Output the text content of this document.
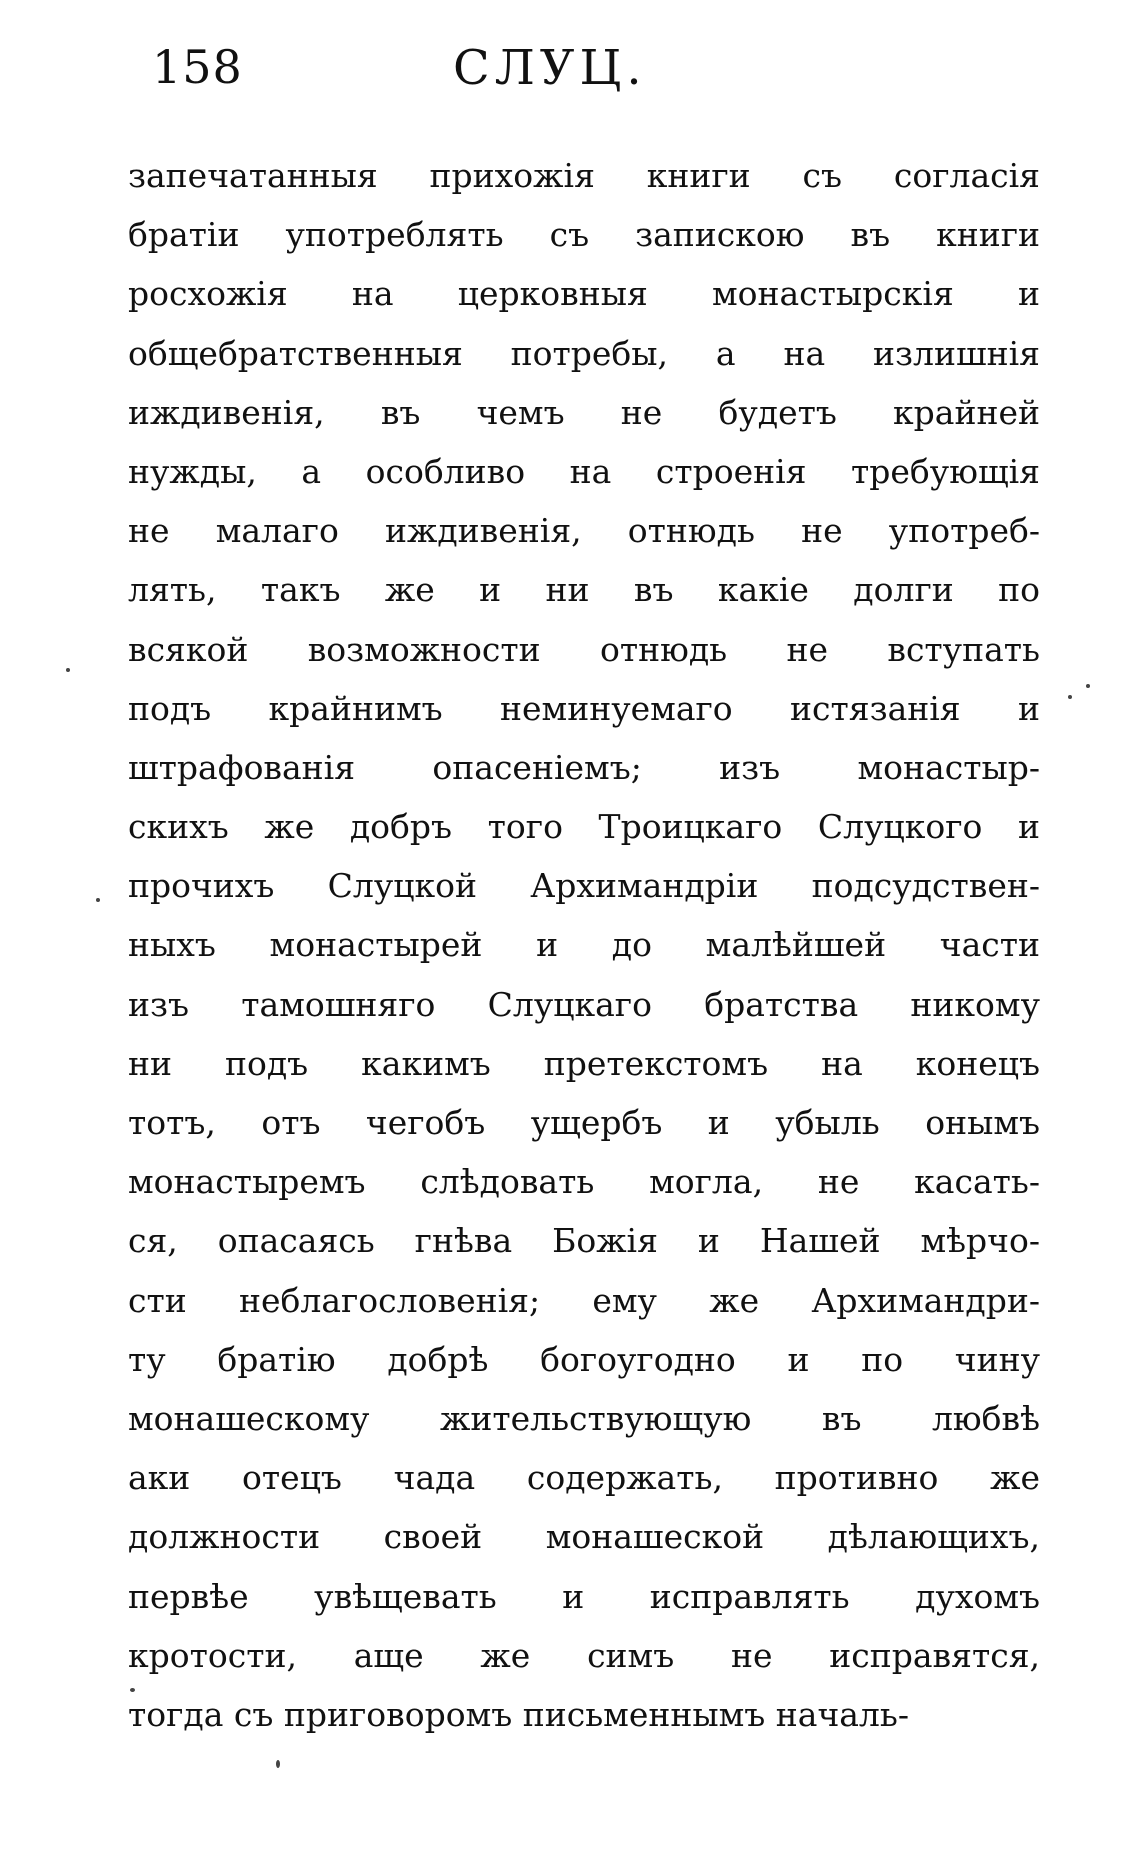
158	СЛУЦ.
запечатанныя прихожія книги съ согласія
братіи употреблять съ запискою въ книги
росхожія на церковныя монастырскія и
общебратственныя потребы, а на излишнія
иждивенія, въ чемъ не будетъ крайней
нужды, а особливо на строенія требующія
не малаго иждивенія, отнюдь не употреб-
лять, такъ же и ни въ какіе долги по
всякой возможности отнюдь не вступать
подъ крайнимъ неминуемаго истязанія и
штрафованія опасеніемъ; изъ монастыр-
скихъ же добръ того Троицкаго Слуцкого и
прочихъ Слуцкой Архимандріи подсудствен-
ныхъ монастырей и до малѣйшей части
изъ тамошняго Слуцкаго братства никому
ни подъ какимъ претекстомъ на конецъ
тотъ, отъ чегобъ ущербъ и убыль онымъ
монастыремъ слѣдовать могла, не касать-
ся, опасаясь гнѣва Божія и Нашей мѣрчо-
сти неблагословенія; ему же Архимандри-
ту братію добрѣ богоугодно и по чину
монашескому жительствующую въ любвѣ
аки отецъ чада содержать, противно же
должности своей монашеской дѣлающихъ,
первѣе увѣщевать и исправлять духомъ
кротости, аще же симъ не исправятся,
тогда съ приговоромъ письменнымъ началь-
